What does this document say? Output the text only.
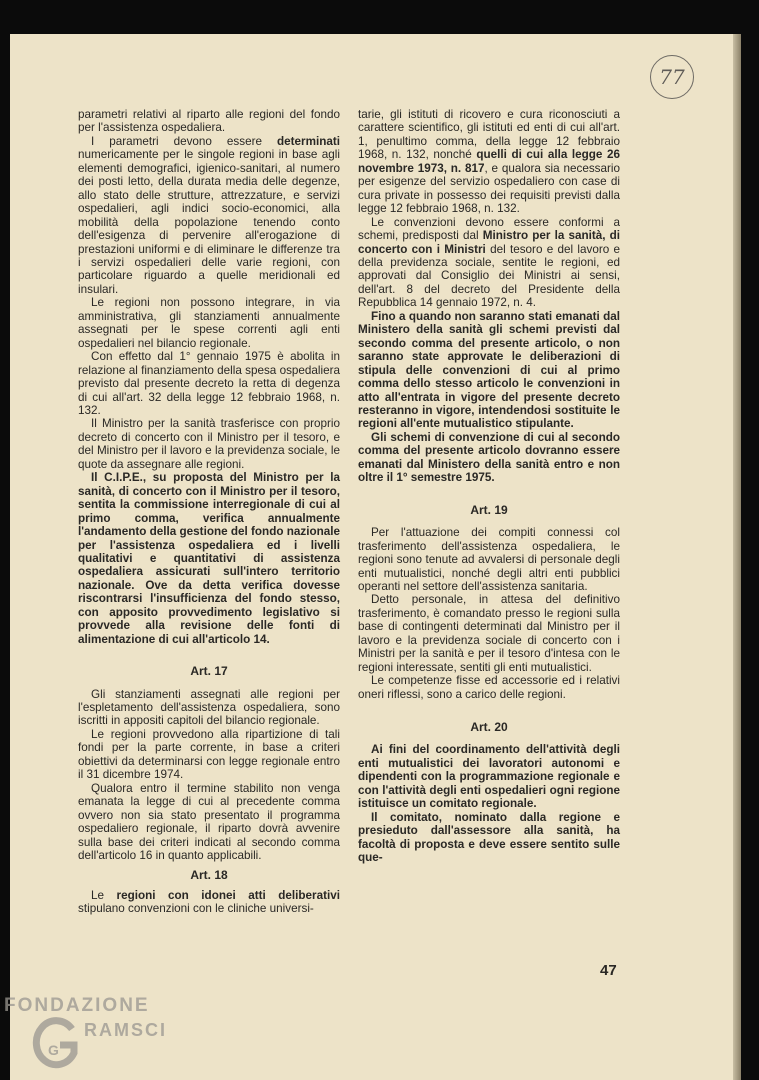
77

parametri relativi al riparto alle regioni del fondo per l'assistenza ospedaliera.

I parametri devono essere determinati numericamente per le singole regioni in base agli elementi demografici, igienico-sanitari, al numero dei posti letto, della durata media delle degenze, allo stato delle strutture, attrezzature, e servizi ospedalieri, agli indici socio-economici, alla mobilità della popolazione tenendo conto dell'esigenza di pervenire all'erogazione di prestazioni uniformi e di eliminare le differenze tra i servizi ospedalieri delle varie regioni, con particolare riguardo a quelle meridionali ed insulari.

Le regioni non possono integrare, in via amministrativa, gli stanziamenti annualmente assegnati per le spese correnti agli enti ospedalieri nel bilancio regionale.

Con effetto dal 1° gennaio 1975 è abolita in relazione al finanziamento della spesa ospedaliera previsto dal presente decreto la retta di degenza di cui all'art. 32 della legge 12 febbraio 1968, n. 132.

Il Ministro per la sanità trasferisce con proprio decreto di concerto con il Ministro per il tesoro, e del Ministro per il lavoro e la previdenza sociale, le quote da assegnare alle regioni.

Il C.I.P.E., su proposta del Ministro per la sanità, di concerto con il Ministro per il tesoro, sentita la commissione interregionale di cui al primo comma, verifica annualmente l'andamento della gestione del fondo nazionale per l'assistenza ospedaliera ed i livelli qualitativi e quantitativi di assistenza ospedaliera assicurati sull'intero territorio nazionale. Ove da detta verifica dovesse riscontrarsi l'insufficienza del fondo stesso, con apposito provvedimento legislativo si provvede alla revisione delle fonti di alimentazione di cui all'articolo 14.

Art. 17

Gli stanziamenti assegnati alle regioni per l'espletamento dell'assistenza ospedaliera, sono iscritti in appositi capitoli del bilancio regionale.

Le regioni provvedono alla ripartizione di tali fondi per la parte corrente, in base a criteri obiettivi da determinarsi con legge regionale entro il 31 dicembre 1974.

Qualora entro il termine stabilito non venga emanata la legge di cui al precedente comma ovvero non sia stato presentato il programma ospedaliero regionale, il riparto dovrà avvenire sulla base dei criteri indicati al secondo comma dell'articolo 16 in quanto applicabili.

Art. 18

Le regioni con idonei atti deliberativi stipulano convenzioni con le cliniche universi-

tarie, gli istituti di ricovero e cura riconosciuti a carattere scientifico, gli istituti ed enti di cui all'art. 1, penultimo comma, della legge 12 febbraio 1968, n. 132, nonché quelli di cui alla legge 26 novembre 1973, n. 817, e qualora sia necessario per esigenze del servizio ospedaliero con case di cura private in possesso dei requisiti previsti dalla legge 12 febbraio 1968, n. 132.

Le convenzioni devono essere conformi a schemi, predisposti dal Ministro per la sanità, di concerto con i Ministri del tesoro e del lavoro e della previdenza sociale, sentite le regioni, ed approvati dal Consiglio dei Ministri ai sensi, dell'art. 8 del decreto del Presidente della Repubblica 14 gennaio 1972, n. 4.

Fino a quando non saranno stati emanati dal Ministero della sanità gli schemi previsti dal secondo comma del presente articolo, o non saranno state approvate le deliberazioni di stipula delle convenzioni di cui al primo comma dello stesso articolo le convenzioni in atto all'entrata in vigore del presente decreto resteranno in vigore, intendendosi sostituite le regioni all'ente mutualistico stipulante.

Gli schemi di convenzione di cui al secondo comma del presente articolo dovranno essere emanati dal Ministero della sanità entro e non oltre il 1° semestre 1975.

Art. 19

Per l'attuazione dei compiti connessi col trasferimento dell'assistenza ospedaliera, le regioni sono tenute ad avvalersi di personale degli enti mutualistici, nonché degli altri enti pubblici operanti nel settore dell'assistenza sanitaria.

Detto personale, in attesa del definitivo trasferimento, è comandato presso le regioni sulla base di contingenti determinati dal Ministro per il lavoro e la previdenza sociale di concerto con i Ministri per la sanità e per il tesoro d'intesa con le regioni interessate, sentiti gli enti mutualistici.

Le competenze fisse ed accessorie ed i relativi oneri riflessi, sono a carico delle regioni.

Art. 20

Ai fini del coordinamento dell'attività degli enti mutualistici dei lavoratori autonomi e dipendenti con la programmazione regionale e con l'attività degli enti ospedalieri ogni regione istituisce un comitato regionale.

Il comitato, nominato dalla regione e presieduto dall'assessore alla sanità, ha facoltà di proposta e deve essere sentito sulle que-

47
FONDAZIONE
G
RAMSCI
